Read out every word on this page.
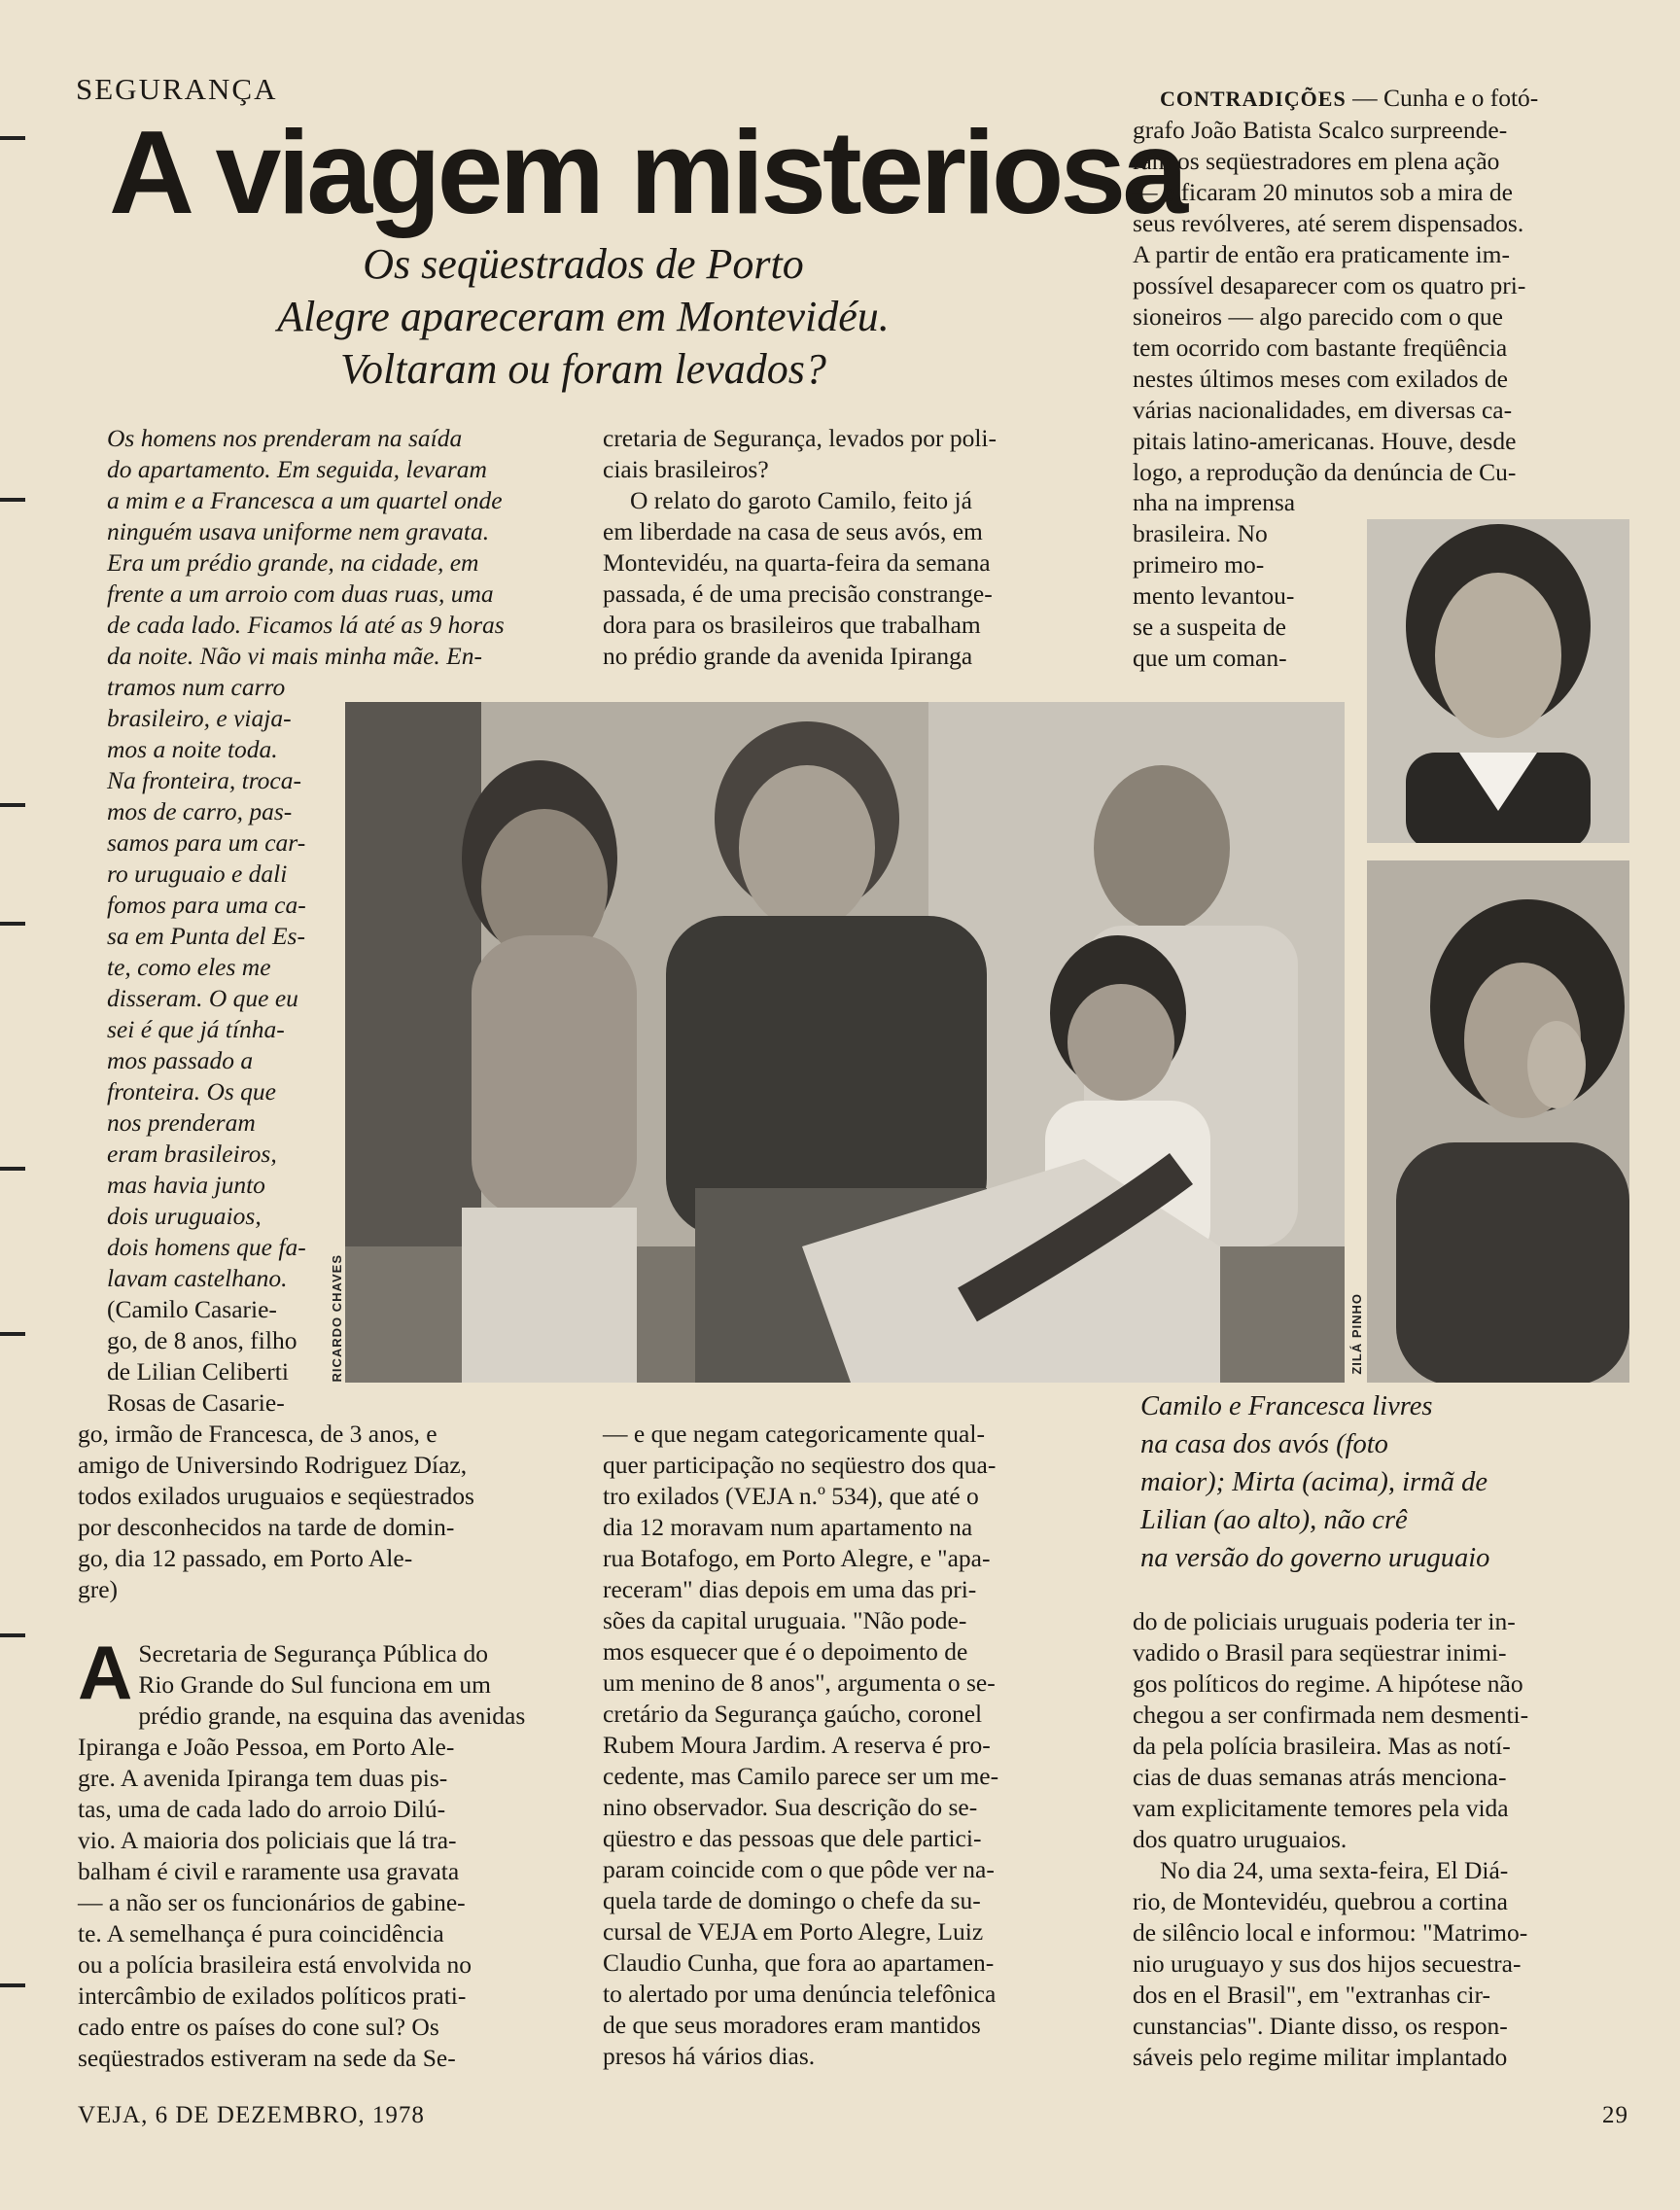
SEGURANÇA
A viagem misteriosa
Os seqüestrados de Porto
Alegre apareceram em Montevidéu.
Voltaram ou foram levados?
Os homens nos prenderam na saída
do apartamento. Em seguida, levaram
a mim e a Francesca a um quartel onde
ninguém usava uniforme nem gravata.
Era um prédio grande, na cidade, em
frente a um arroio com duas ruas, uma
de cada lado. Ficamos lá até as 9 horas
da noite. Não vi mais minha mãe. En-
tramos num carro
brasileiro, e viaja-
mos a noite toda.
Na fronteira, troca-
mos de carro, pas-
samos para um car-
ro uruguaio e dali
fomos para uma ca-
sa em Punta del Es-
te, como eles me
disseram. O que eu
sei é que já tínha-
mos passado a
fronteira. Os que
nos prenderam
eram brasileiros,
mas havia junto
dois uruguaios,
dois homens que fa-
lavam castelhano.
(Camilo Casarie-
go, de 8 anos, filho
de Lilian Celiberti
Rosas de Casarie-
go, irmão de Francesca, de 3 anos, e
amigo de Universindo Rodriguez Díaz,
todos exilados uruguaios e seqüestrados
por desconhecidos na tarde de domin-
go, dia 12 passado, em Porto Ale-
gre)
A Secretaria de Segurança Pública do
Rio Grande do Sul funciona em um
prédio grande, na esquina das avenidas
Ipiranga e João Pessoa, em Porto Ale-
gre. A avenida Ipiranga tem duas pis-
tas, uma de cada lado do arroio Dilú-
vio. A maioria dos policiais que lá tra-
balham é civil e raramente usa gravata
— a não ser os funcionários de gabine-
te. A semelhança é pura coincidência
ou a polícia brasileira está envolvida no
intercâmbio de exilados políticos prati-
cado entre os países do cone sul? Os
seqüestrados estiveram na sede da Se-
cretaria de Segurança, levados por poli-
ciais brasileiros?
O relato do garoto Camilo, feito já
em liberdade na casa de seus avós, em
Montevidéu, na quarta-feira da semana
passada, é de uma precisão constrange-
dora para os brasileiros que trabalham
no prédio grande da avenida Ipiranga
— e que negam categoricamente qual-
quer participação no seqüestro dos qua-
tro exilados (VEJA n.º 534), que até o
dia 12 moravam num apartamento na
rua Botafogo, em Porto Alegre, e "apa-
receram" dias depois em uma das pri-
sões da capital uruguaia. "Não pode-
mos esquecer que é o depoimento de
um menino de 8 anos", argumenta o se-
cretário da Segurança gaúcho, coronel
Rubem Moura Jardim. A reserva é pro-
cedente, mas Camilo parece ser um me-
nino observador. Sua descrição do se-
qüestro e das pessoas que dele partici-
param coincide com o que pôde ver na-
quela tarde de domingo o chefe da su-
cursal de VEJA em Porto Alegre, Luiz
Claudio Cunha, que fora ao apartamen-
to alertado por uma denúncia telefônica
de que seus moradores eram mantidos
presos há vários dias.
CONTRADIÇÕES — Cunha e o fotó-
grafo João Batista Scalco surpreende-
ram os seqüestradores em plena ação
— e ficaram 20 minutos sob a mira de
seus revólveres, até serem dispensados.
A partir de então era praticamente im-
possível desaparecer com os quatro pri-
sioneiros — algo parecido com o que
tem ocorrido com bastante freqüência
nestes últimos meses com exilados de
várias nacionalidades, em diversas ca-
pitais latino-americanas. Houve, desde
logo, a reprodução da denúncia de Cu-
nha na imprensa
brasileira. No
primeiro mo-
mento levantou-
se a suspeita de
que um coman-
Camilo e Francesca livres
na casa dos avós (foto
maior); Mirta (acima), irmã de
Lilian (ao alto), não crê
na versão do governo uruguaio
do de policiais uruguais poderia ter in-
vadido o Brasil para seqüestrar inimi-
gos políticos do regime. A hipótese não
chegou a ser confirmada nem desmenti-
da pela polícia brasileira. Mas as notí-
cias de duas semanas atrás menciona-
vam explicitamente temores pela vida
dos quatro uruguaios.
No dia 24, uma sexta-feira, El Diá-
rio, de Montevidéu, quebrou a cortina
de silêncio local e informou: "Matrimo-
nio uruguayo y sus dos hijos secuestra-
dos en el Brasil", em "extranhas cir-
cunstancias". Diante disso, os respon-
sáveis pelo regime militar implantado
RICARDO CHAVES	ZILÁ PINHO
VEJA, 6 DE DEZEMBRO, 1978	29
